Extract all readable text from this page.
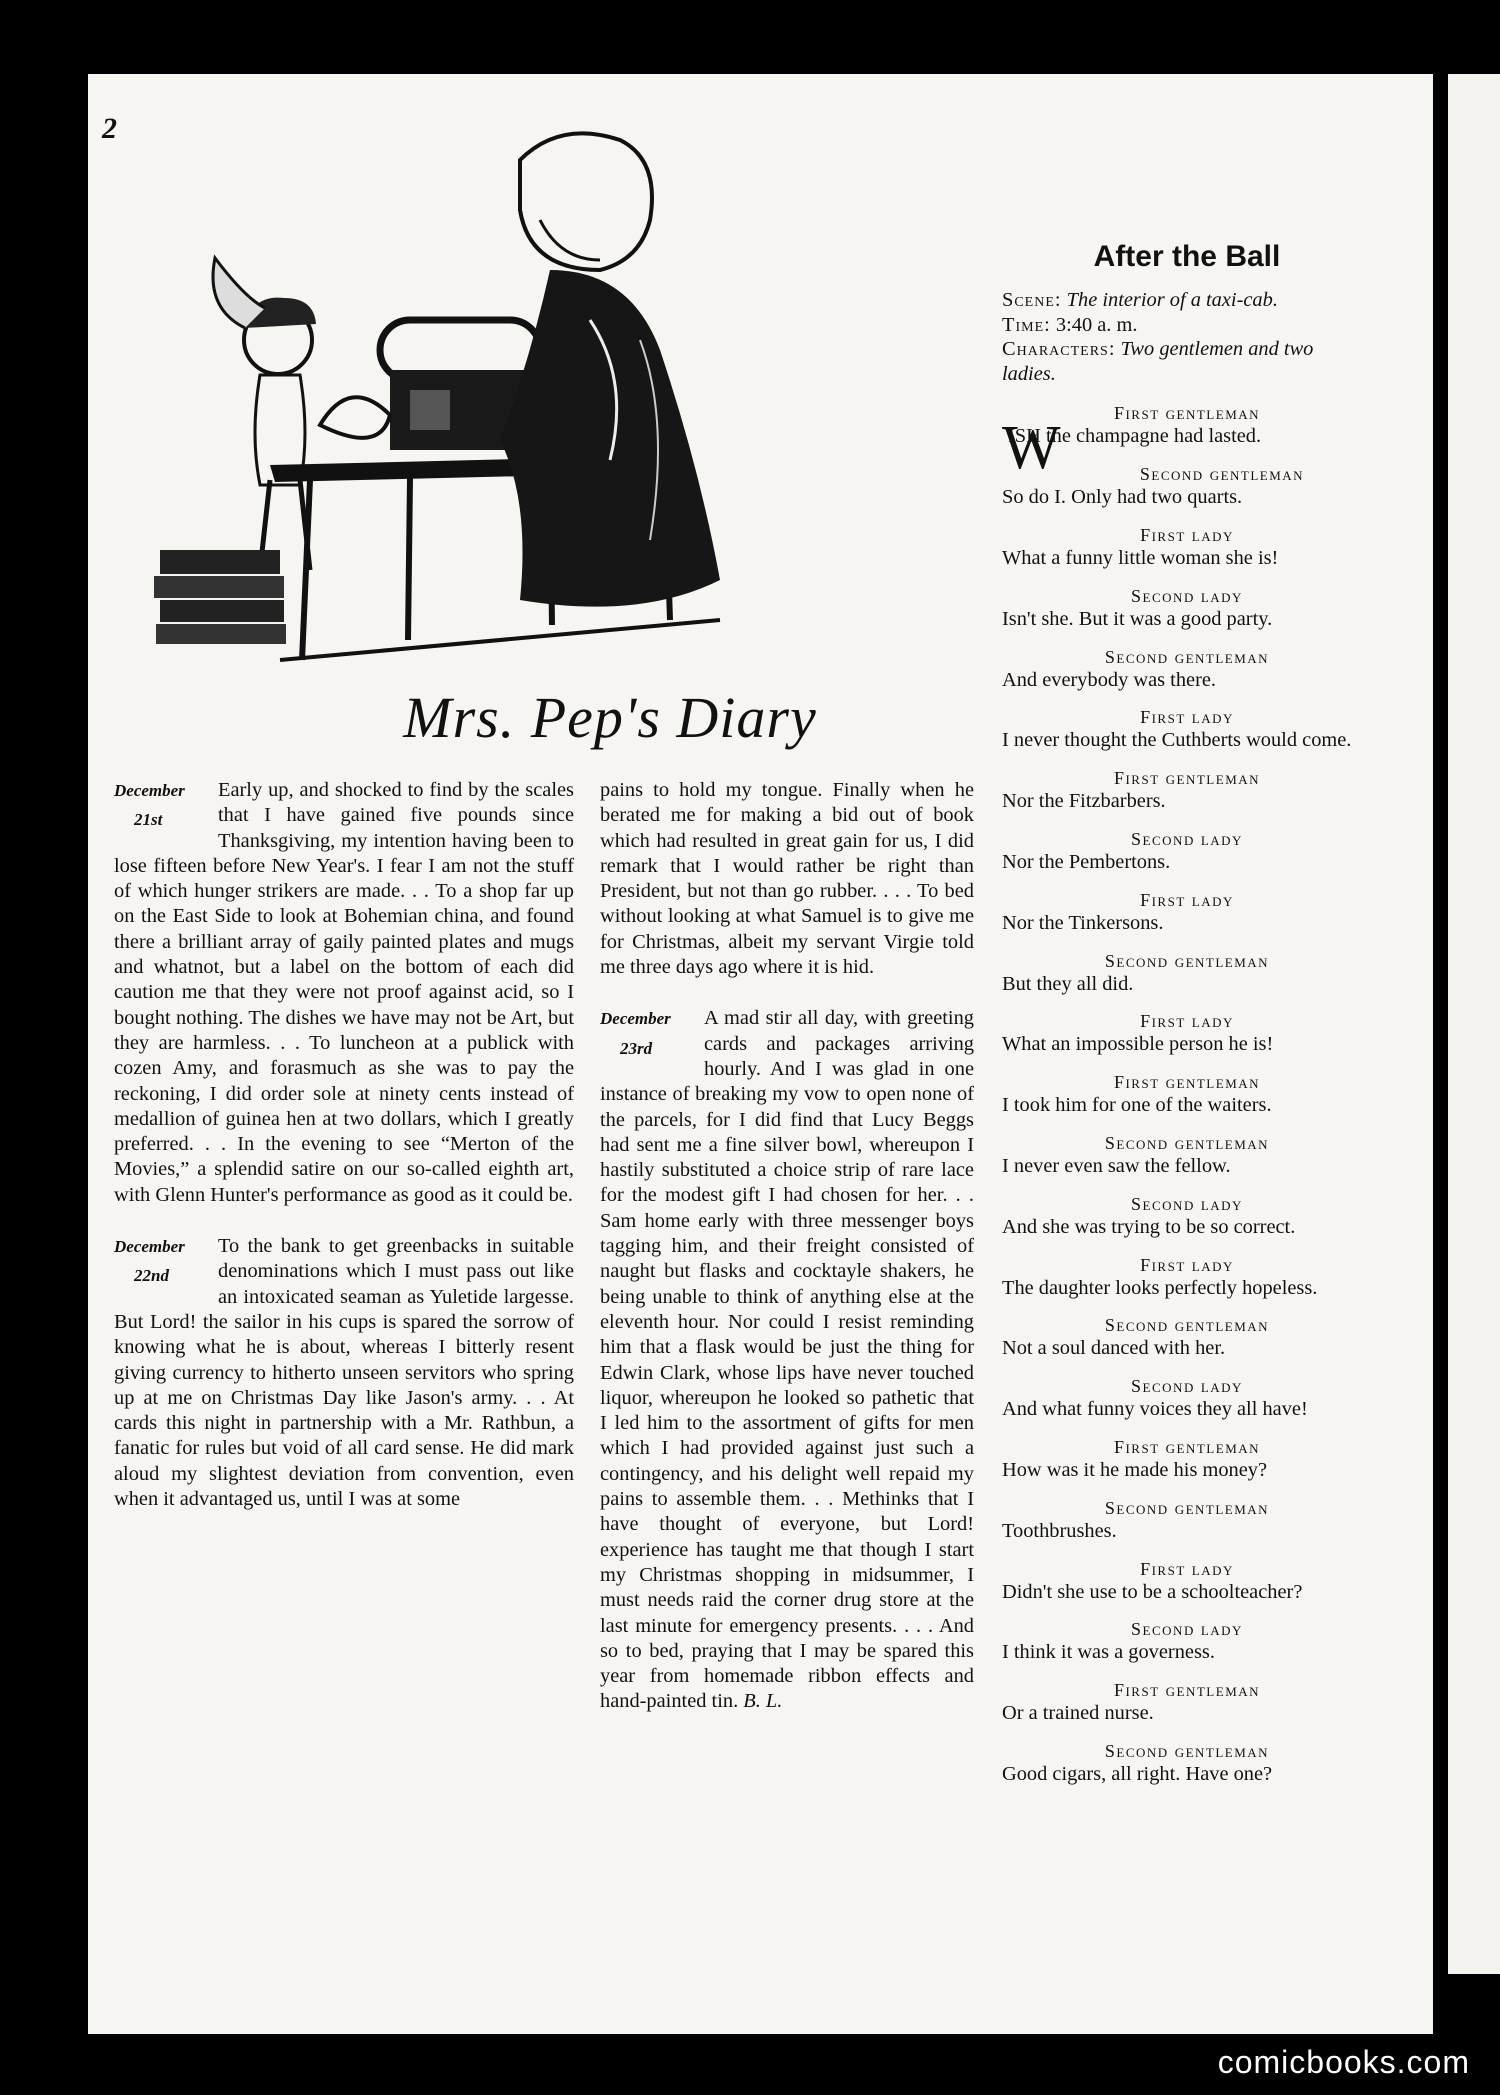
2
Mrs. Pep's Diary

December
21st
Early up, and shocked to find by the scales that I have gained five pounds since Thanksgiving, my intention having been to lose fifteen before New Year's. I fear I am not the stuff of which hunger strikers are made. . . To a shop far up on the East Side to look at Bohemian china, and found there a brilliant array of gaily painted plates and mugs and whatnot, but a label on the bottom of each did caution me that they were not proof against acid, so I bought nothing. The dishes we have may not be Art, but they are harmless. . . To luncheon at a publick with cozen Amy, and forasmuch as she was to pay the reckoning, I did order sole at ninety cents instead of medallion of guinea hen at two dollars, which I greatly preferred. . . In the evening to see “Merton of the Movies,” a splendid satire on our so-called eighth art, with Glenn Hunter's performance as good as it could be.

December
22nd
To the bank to get greenbacks in suitable denominations which I must pass out like an intoxicated seaman as Yuletide largesse. But Lord! the sailor in his cups is spared the sorrow of knowing what he is about, whereas I bitterly resent giving currency to hitherto unseen servitors who spring up at me on Christmas Day like Jason's army. . . At cards this night in partnership with a Mr. Rathbun, a fanatic for rules but void of all card sense. He did mark aloud my slightest deviation from convention, even when it advantaged us, until I was at some

pains to hold my tongue. Finally when he berated me for making a bid out of book which had resulted in great gain for us, I did remark that I would rather be right than President, but not than go rubber. . . . To bed without looking at what Samuel is to give me for Christmas, albeit my servant Virgie told me three days ago where it is hid.

December
23rd
A mad stir all day, with greeting cards and packages arriving hourly. And I was glad in one instance of breaking my vow to open none of the parcels, for I did find that Lucy Beggs had sent me a fine silver bowl, whereupon I hastily substituted a choice strip of rare lace for the modest gift I had chosen for her. . . Sam home early with three messenger boys tagging him, and their freight consisted of naught but flasks and cocktayle shakers, he being unable to think of anything else at the eleventh hour. Nor could I resist reminding him that a flask would be just the thing for Edwin Clark, whose lips have never touched liquor, whereupon he looked so pathetic that I led him to the assortment of gifts for men which I had provided against just such a contingency, and his delight well repaid my pains to assemble them. . . Methinks that I have thought of everyone, but Lord! experience has taught me that though I start my Christmas shopping in midsummer, I must needs raid the corner drug store at the last minute for emergency presents. . . . And so to bed, praying that I may be spared this year from homemade ribbon effects and hand-painted tin. B. L.

After the Ball
Scene: The interior of a taxi-cab.
Time: 3:40 a. m.
Characters: Two gentlemen and two ladies.
First gentleman
WISH the champagne had lasted.
Second gentleman
So do I. Only had two quarts.
First lady
What a funny little woman she is!
Second lady
Isn't she. But it was a good party.
Second gentleman
And everybody was there.
First lady
I never thought the Cuthberts would come.
First gentleman
Nor the Fitzbarbers.
Second lady
Nor the Pembertons.
First lady
Nor the Tinkersons.
Second gentleman
But they all did.
First lady
What an impossible person he is!
First gentleman
I took him for one of the waiters.
Second gentleman
I never even saw the fellow.
Second lady
And she was trying to be so correct.
First lady
The daughter looks perfectly hopeless.
Second gentleman
Not a soul danced with her.
Second lady
And what funny voices they all have!
First gentleman
How was it he made his money?
Second gentleman
Toothbrushes.
First lady
Didn't she use to be a schoolteacher?
Second lady
I think it was a governess.
First gentleman
Or a trained nurse.
Second gentleman
Good cigars, all right. Have one?
comicbooks.com
